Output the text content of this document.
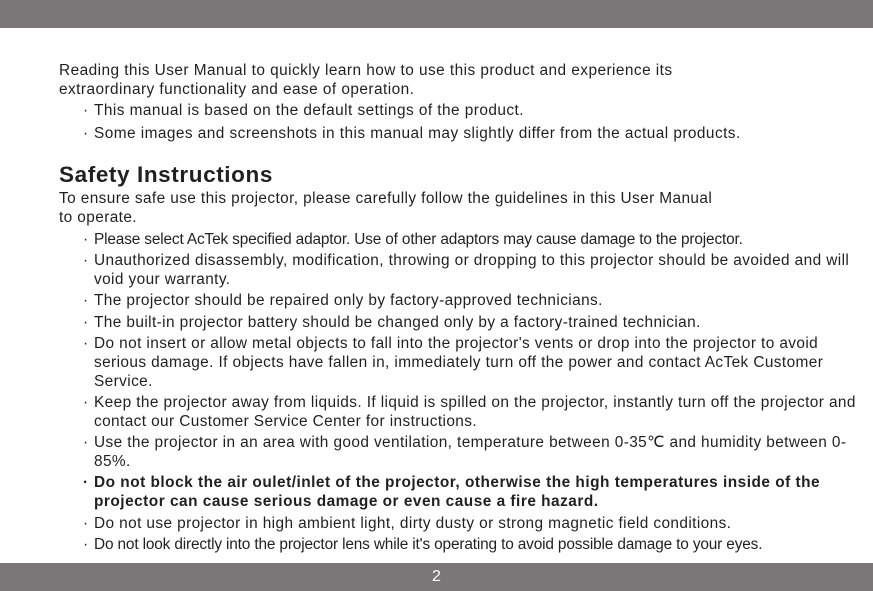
Reading this User Manual to quickly learn how to use this product and experience its

extraordinary functionality and ease of operation.

· This manual is based on the default settings of the product.
· Some images and screenshots in this manual may slightly differ from the actual products.
Safety Instructions

To ensure safe use this projector, please carefully follow the guidelines in this User Manual

to operate.

· Please select AcTek specified adaptor. Use of other adaptors may cause damage to the projector.
· Unauthorized disassembly, modification, throwing or dropping to this projector should be avoided and will void your warranty.
· The projector should be repaired only by factory-approved technicians.
· The built-in projector battery should be changed only by a factory-trained technician.
· Do not insert or allow metal objects to fall into the projector's vents or drop into the projector to avoid serious damage. If objects have fallen in, immediately turn off the power and contact AcTek Customer Service.
· Keep the projector away from liquids. If liquid is spilled on the projector, instantly turn off the projector and contact our Customer Service Center for instructions.
· Use the projector in an area with good ventilation, temperature between 0-35℃ and humidity between 0-85%.
· Do not block the air oulet/inlet of the projector, otherwise the high temperatures inside of the projector can cause serious damage or even cause a fire hazard.
· Do not use projector in high ambient light, dirty dusty or strong magnetic field conditions.
· Do not look directly into the projector lens while it's operating to avoid possible damage to your eyes.
2
